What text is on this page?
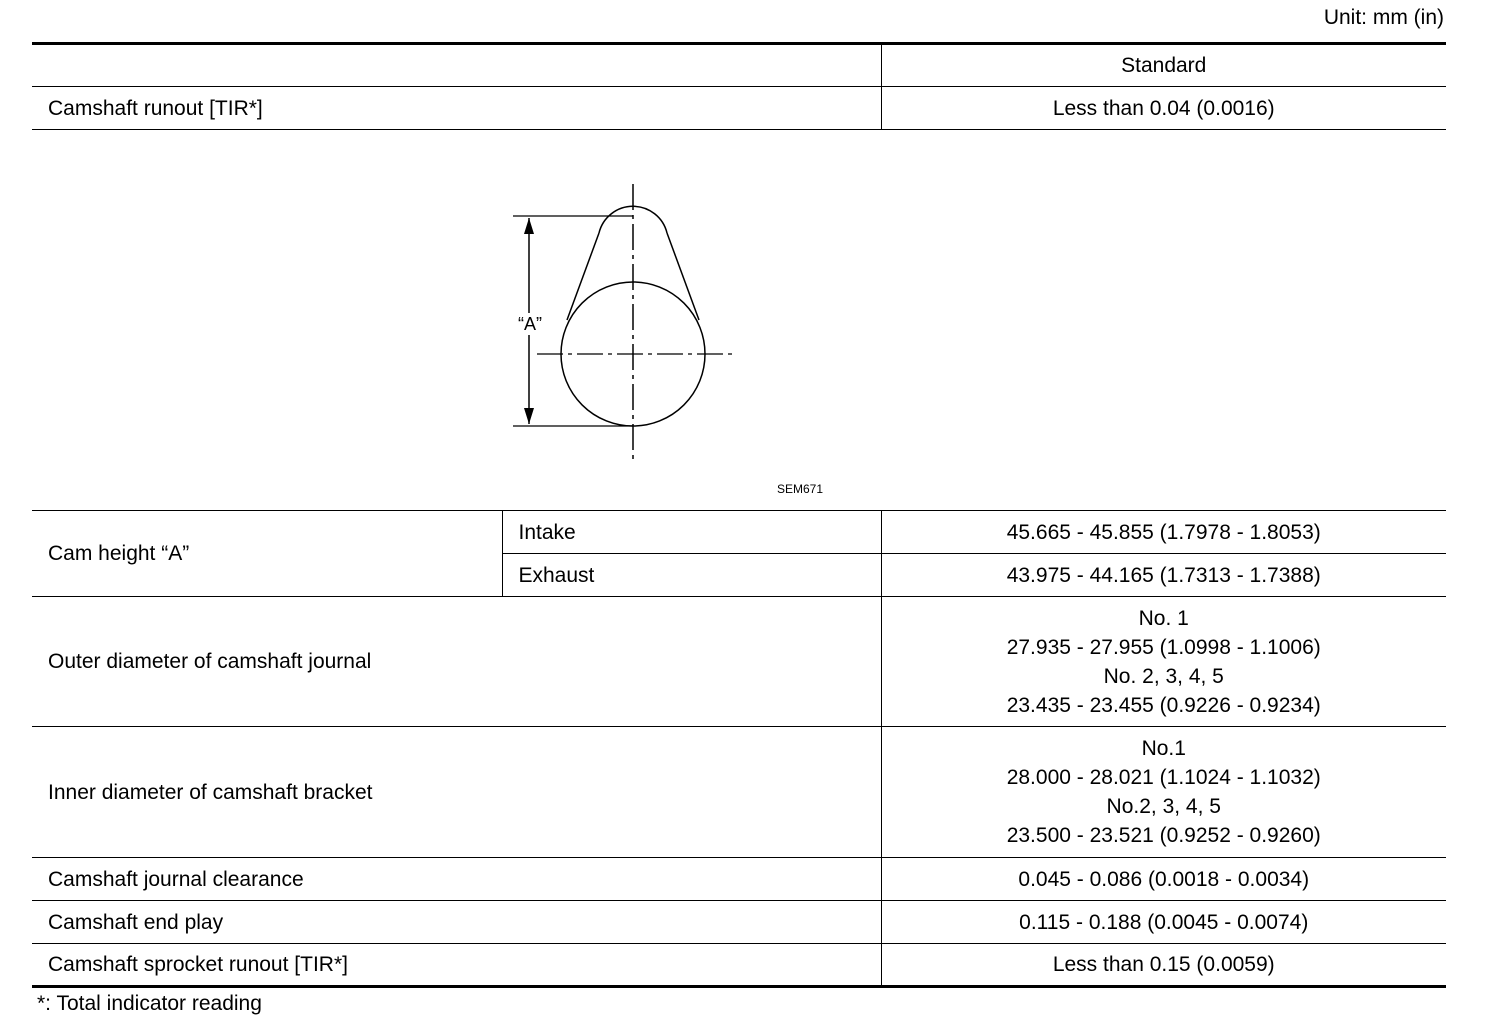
Unit: mm (in)
	Standard
Camshaft runout [TIR*]	Less than 0.04 (0.0016)
“A”
SEM671
Cam height “A”	Intake	45.665 - 45.855 (1.7978 - 1.8053)
	Exhaust	43.975 - 44.165 (1.7313 - 1.7388)
Outer diameter of camshaft journal		No. 1
27.935 - 27.955 (1.0998 - 1.1006)
No. 2, 3, 4, 5
23.435 - 23.455 (0.9226 - 0.9234)

Inner diameter of camshaft bracket		No.1
28.000 - 28.021 (1.1024 - 1.1032)
No.2, 3, 4, 5
23.500 - 23.521 (0.9252 - 0.9260)

Camshaft journal clearance		0.045 - 0.086 (0.0018 - 0.0034)
Camshaft end play		0.115 - 0.188 (0.0045 - 0.0074)
Camshaft sprocket runout [TIR*]		Less than 0.15 (0.0059)
*: Total indicator reading
